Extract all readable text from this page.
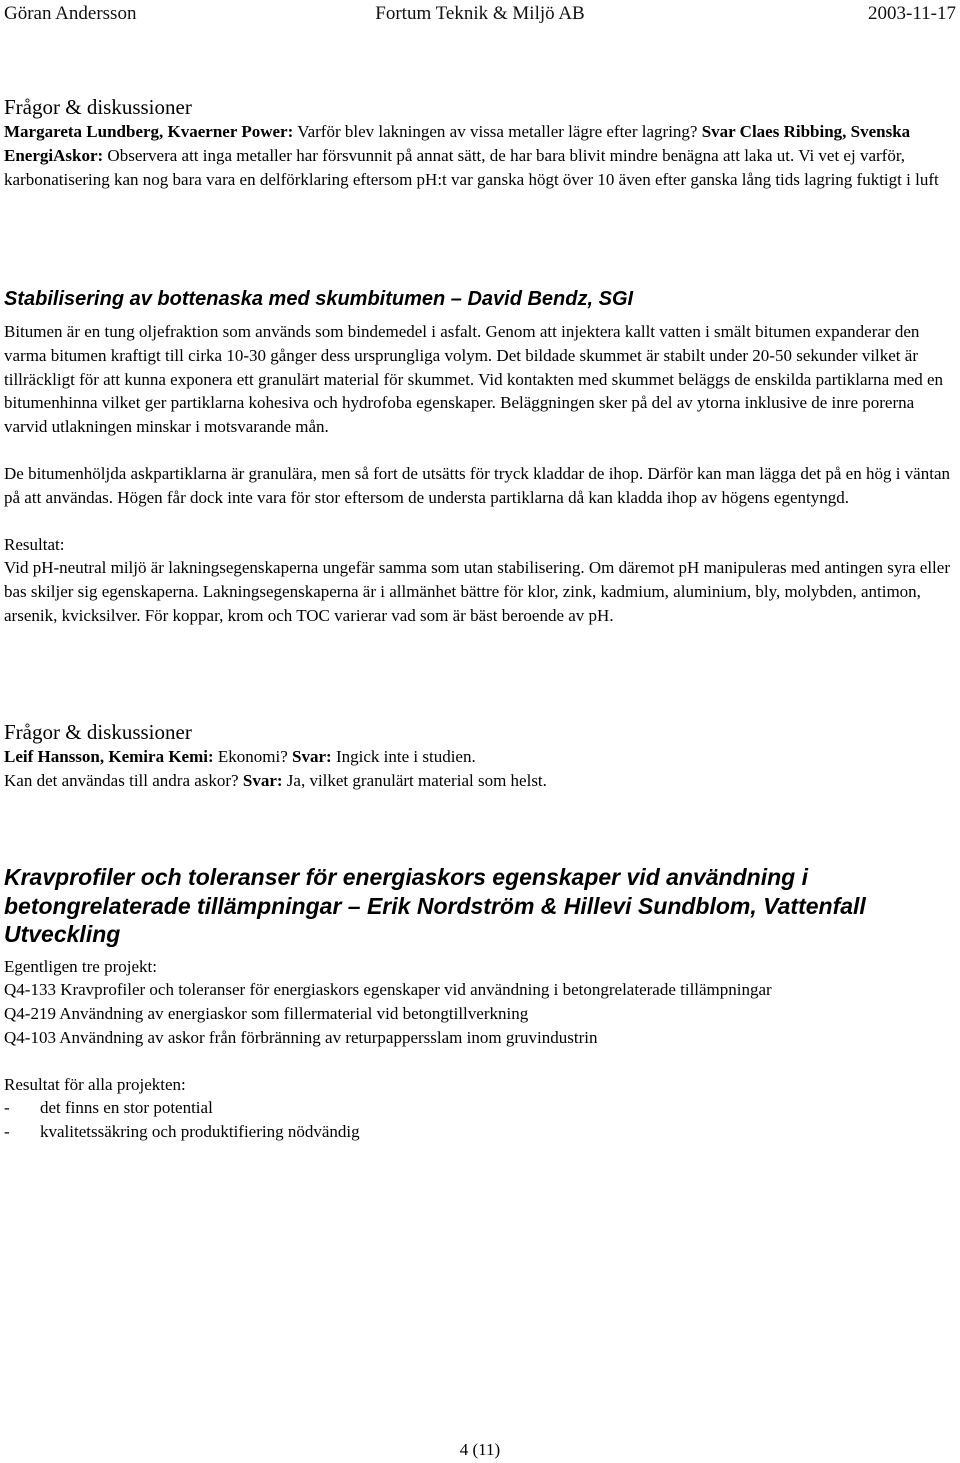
Fortum Teknik & Miljö AB
Göran Andersson	2003-11-17
Frågor & diskussioner

Margareta Lundberg, Kvaerner Power: Varför blev lakningen av vissa metaller lägre efter lagring? Svar Claes Ribbing, Svenska EnergiAskor: Observera att inga metaller har försvunnit på annat sätt, de har bara blivit mindre benägna att laka ut. Vi vet ej varför, karbonatisering kan nog bara vara en delförklaring eftersom pH:t var ganska högt över 10 även efter ganska lång tids lagring fuktigt i luft

Stabilisering av bottenaska med skumbitumen – David Bendz, SGI

Bitumen är en tung oljefraktion som används som bindemedel i asfalt. Genom att injektera kallt vatten i smält bitumen expanderar den varma bitumen kraftigt till cirka 10-30 gånger dess ursprungliga volym. Det bildade skummet är stabilt under 20-50 sekunder vilket är tillräckligt för att kunna exponera ett granulärt material för skummet. Vid kontakten med skummet beläggs de enskilda partiklarna med en bitumenhinna vilket ger partiklarna kohesiva och hydrofoba egenskaper. Beläggningen sker på del av ytorna inklusive de inre porerna varvid utlakningen minskar i motsvarande mån.

De bitumenhöljda askpartiklarna är granulära, men så fort de utsätts för tryck kladdar de ihop. Därför kan man lägga det på en hög i väntan på att användas. Högen får dock inte vara för stor eftersom de understa partiklarna då kan kladda ihop av högens egentyngd.

Resultat:

Vid pH-neutral miljö är lakningsegenskaperna ungefär samma som utan stabilisering. Om däremot pH manipuleras med antingen syra eller bas skiljer sig egenskaperna. Lakningsegenskaperna är i allmänhet bättre för klor, zink, kadmium, aluminium, bly, molybden, antimon, arsenik, kvicksilver. För koppar, krom och TOC varierar vad som är bäst beroende av pH.

Frågor & diskussioner

Leif Hansson, Kemira Kemi: Ekonomi? Svar: Ingick inte i studien.

Kan det användas till andra askor? Svar: Ja, vilket granulärt material som helst.

Kravprofiler och toleranser för energiaskors egenskaper vid användning i
betongrelaterade tillämpningar – Erik Nordström & Hillevi Sundblom, Vattenfall
Utveckling

Egentligen tre projekt:

Q4-133 Kravprofiler och toleranser för energiaskors egenskaper vid användning i betongrelaterade tillämpningar

Q4-219 Användning av energiaskor som fillermaterial vid betongtillverkning

Q4-103 Användning av askor från förbränning av returpappersslam inom gruvindustrin

Resultat för alla projekten:

-	det finns en stor potential
-	kvalitetssäkring och produktifiering nödvändig
4 (11)
